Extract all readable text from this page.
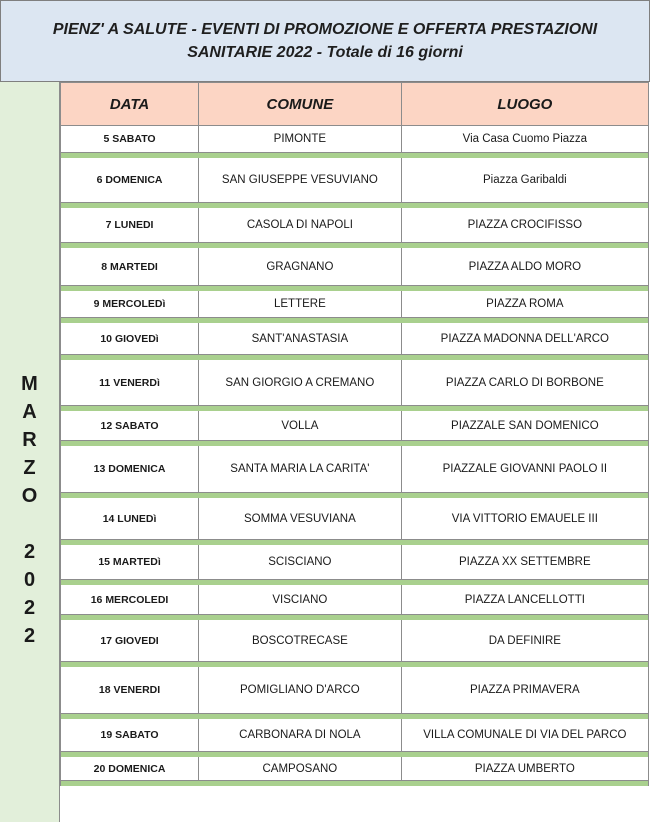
PIENZ' A SALUTE - EVENTI DI PROMOZIONE E OFFERTA PRESTAZIONI
SANITARIE 2022 - Totale di 16 giorni
M
A
R
Z
O

2
0
2
2
DATA	COMUNE	LUOGO
5 SABATO	PIMONTE	Via Casa Cuomo Piazza
6 DOMENICA	SAN GIUSEPPE VESUVIANO	Piazza Garibaldi
7 LUNEDI	CASOLA DI NAPOLI	PIAZZA CROCIFISSO
8 MARTEDI	GRAGNANO	PIAZZA ALDO MORO
9 MERCOLEDì	LETTERE	PIAZZA ROMA
10 GIOVEDì	SANT'ANASTASIA	PIAZZA MADONNA DELL'ARCO
11 VENERDì	SAN GIORGIO A CREMANO	PIAZZA CARLO DI BORBONE
12 SABATO	VOLLA	PIAZZALE SAN DOMENICO
13 DOMENICA	SANTA MARIA LA CARITA'	PIAZZALE GIOVANNI PAOLO II
14 LUNEDì	SOMMA VESUVIANA	VIA VITTORIO EMAUELE III
15 MARTEDì	SCISCIANO	PIAZZA XX SETTEMBRE
16 MERCOLEDI	VISCIANO	PIAZZA LANCELLOTTI
17 GIOVEDI	BOSCOTRECASE	DA DEFINIRE
18 VENERDI	POMIGLIANO D'ARCO	PIAZZA PRIMAVERA
19 SABATO	CARBONARA DI NOLA	VILLA COMUNALE DI VIA DEL PARCO
20 DOMENICA	CAMPOSANO	PIAZZA UMBERTO
